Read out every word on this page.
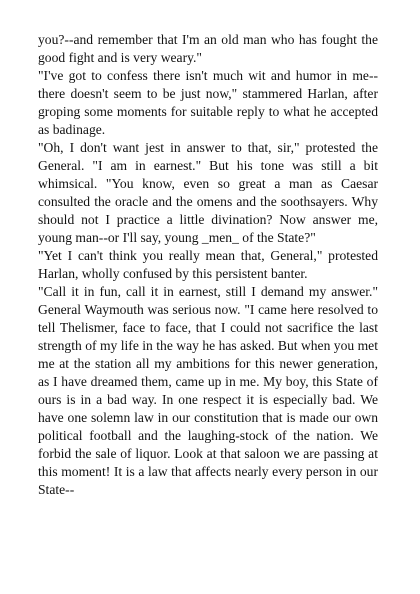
you?--and remember that I'm an old man who has fought the good fight and is very weary."

"I've got to confess there isn't much wit and humor in me--there doesn't seem to be just now," stammered Harlan, after groping some moments for suitable reply to what he accepted as badinage.

"Oh, I don't want jest in answer to that, sir," protested the General. "I am in earnest." But his tone was still a bit whimsical. "You know, even so great a man as Caesar consulted the oracle and the omens and the soothsayers. Why should not I practice a little divination? Now answer me, young man--or I'll say, young _men_ of the State?"

"Yet I can't think you really mean that, General," protested Harlan, wholly confused by this persistent banter.

"Call it in fun, call it in earnest, still I demand my answer." General Waymouth was serious now. "I came here resolved to tell Thelismer, face to face, that I could not sacrifice the last strength of my life in the way he has asked. But when you met me at the station all my ambitions for this newer generation, as I have dreamed them, came up in me. My boy, this State of ours is in a bad way. In one respect it is especially bad. We have one solemn law in our constitution that is made our own political football and the laughing-stock of the nation. We forbid the sale of liquor. Look at that saloon we are passing at this moment! It is a law that affects nearly every person in our State--
